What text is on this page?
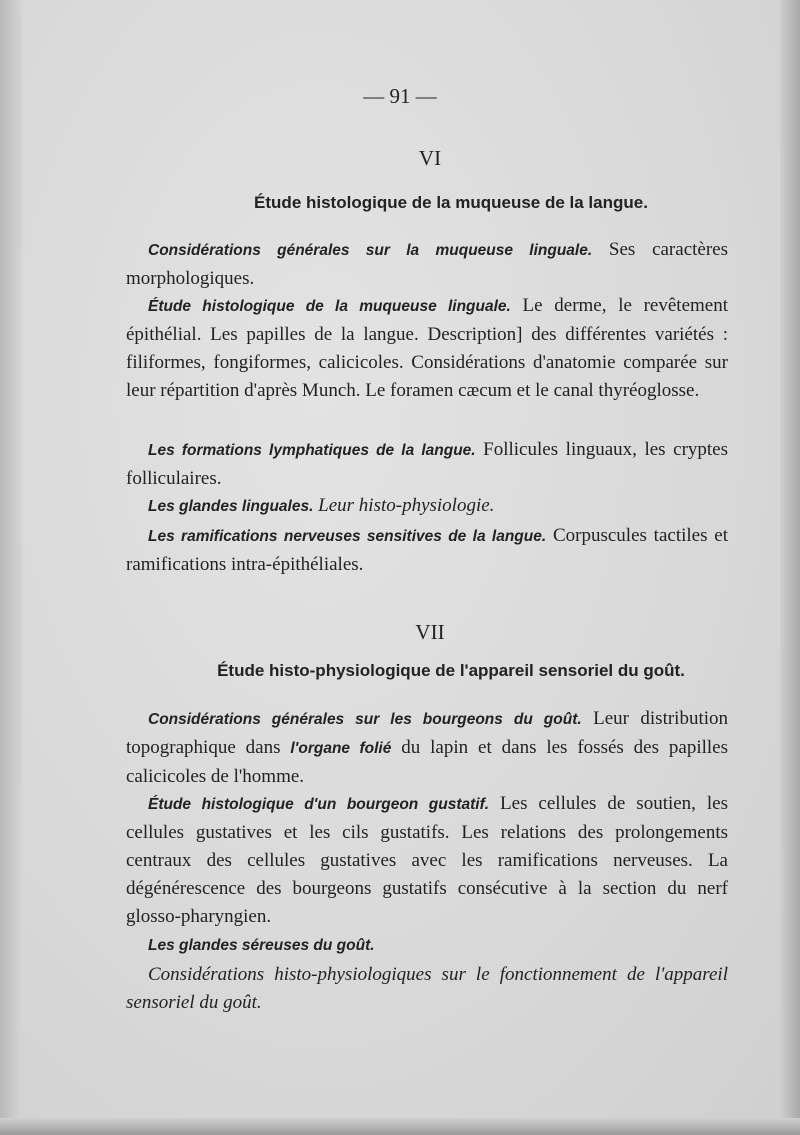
— 91 —
VI
Étude histologique de la muqueuse de la langue.
Considérations générales sur la muqueuse linguale. Ses caractères morphologiques.
Étude histologique de la muqueuse linguale. Le derme, le revêtement épithélial. Les papilles de la langue. Description] des différentes variétés : filiformes, fongiformes, calicicoles. Considérations d'anatomie comparée sur leur répartition d'après Munch. Le foramen cæcum et le canal thyréoglosse.
Les formations lymphatiques de la langue. Follicules linguaux, les cryptes folliculaires.
Les glandes linguales. Leur histo-physiologie.
Les ramifications nerveuses sensitives de la langue. Corpuscules tactiles et ramifications intra-épithéliales.
VII
Étude histo-physiologique de l'appareil sensoriel du goût.
Considérations générales sur les bourgeons du goût. Leur distribution topographique dans l'organe folié du lapin et dans les fossés des papilles calicicoles de l'homme.
Étude histologique d'un bourgeon gustatif. Les cellules de soutien, les cellules gustatives et les cils gustatifs. Les relations des prolongements centraux des cellules gustatives avec les ramifications nerveuses. La dégénérescence des bourgeons gustatifs consécutive à la section du nerf glosso-pharyngien.
Les glandes séreuses du goût.
Considérations histo-physiologiques sur le fonctionnement de l'appareil sensoriel du goût.
